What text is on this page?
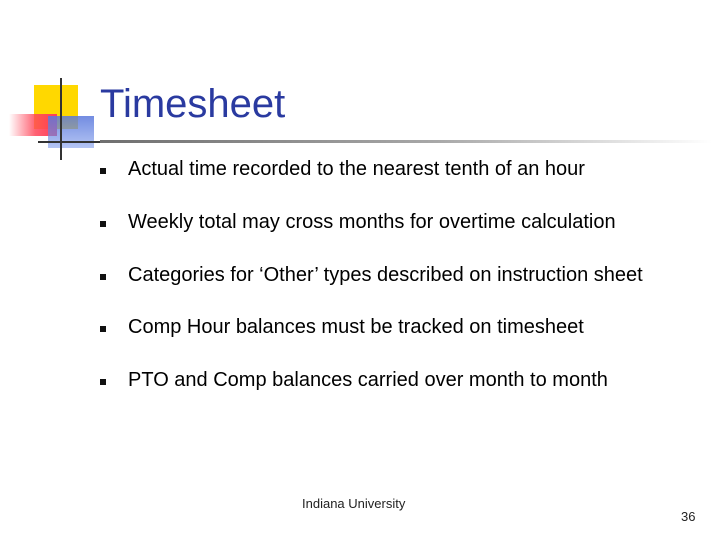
Timesheet
Actual time recorded to the nearest tenth of an hour
Weekly total may cross months for overtime calculation
Categories for ‘Other’ types described on instruction sheet
Comp Hour balances must be tracked on timesheet
PTO and Comp balances carried over month to month
Indiana University
36
